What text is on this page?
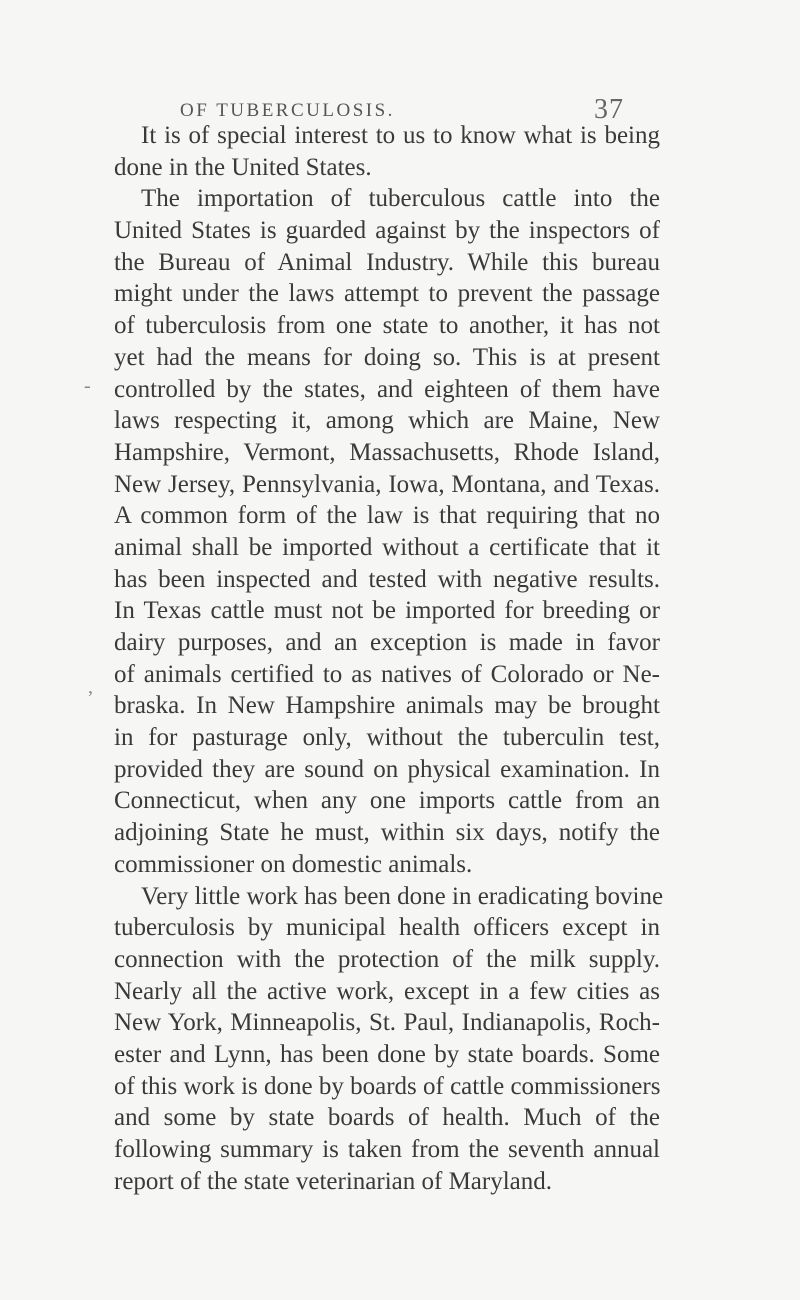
OF TUBERCULOSIS.	37
‑
,
It is of special interest to us to know what is being
done in the United States.
The importation of tuberculous cattle into the
United States is guarded against by the inspectors of
the Bureau of Animal Industry. While this bureau
might under the laws attempt to prevent the passage
of tuberculosis from one state to another, it has not
yet had the means for doing so. This is at present
controlled by the states, and eighteen of them have
laws respecting it, among which are Maine, New
Hampshire, Vermont, Massachusetts, Rhode Island,
New Jersey, Pennsylvania, Iowa, Montana, and Texas.
A common form of the law is that requiring that no
animal shall be imported without a certificate that it
has been inspected and tested with negative results.
In Texas cattle must not be imported for breeding or
dairy purposes, and an exception is made in favor
of animals certified to as natives of Colorado or Ne-
braska. In New Hampshire animals may be brought
in for pasturage only, without the tuberculin test,
provided they are sound on physical examination. In
Connecticut, when any one imports cattle from an
adjoining State he must, within six days, notify the
commissioner on domestic animals.
Very little work has been done in eradicating bovine
tuberculosis by municipal health officers except in
connection with the protection of the milk supply.
Nearly all the active work, except in a few cities as
New York, Minneapolis, St. Paul, Indianapolis, Roch-
ester and Lynn, has been done by state boards. Some
of this work is done by boards of cattle commissioners
and some by state boards of health. Much of the
following summary is taken from the seventh annual
report of the state veterinarian of Maryland.
